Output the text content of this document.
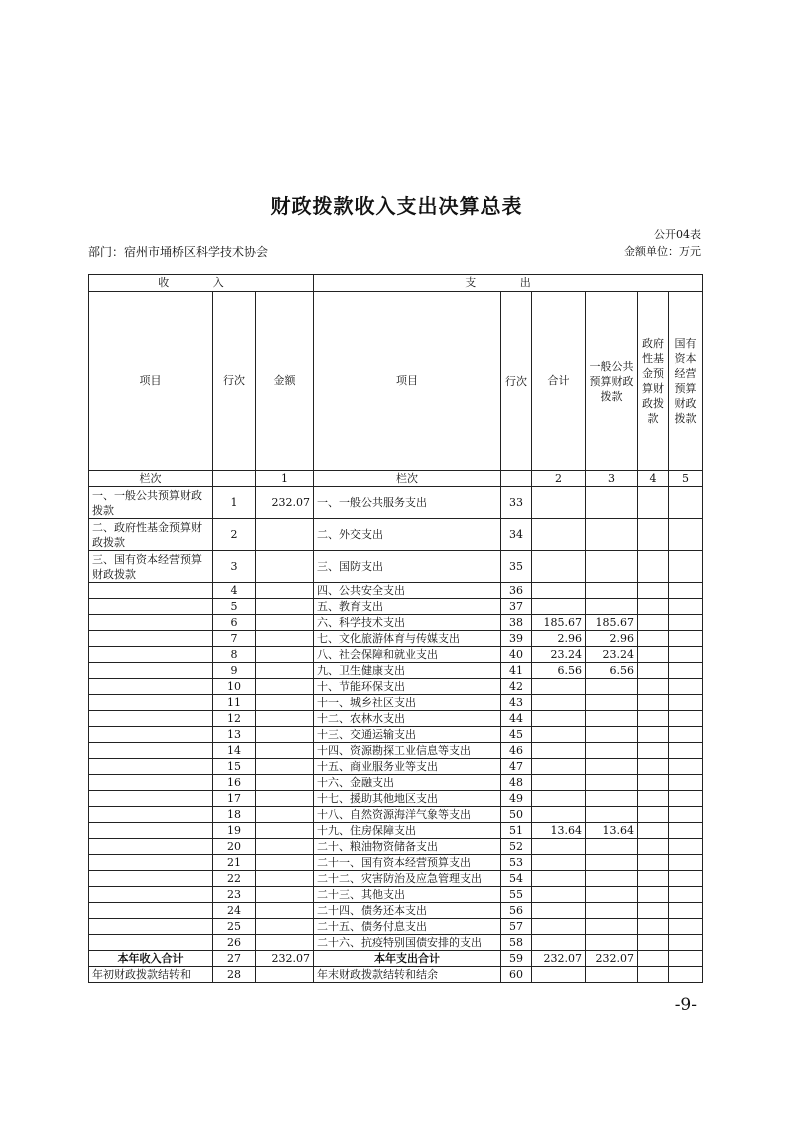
财政拨款收入支出决算总表
公开04表
部门：宿州市埇桥区科学技术协会	金额单位：万元
收 入			支 出					
项目	行次	金额	项目	行次	合计	一般公共预算财政拨款	政府性基金预算财政拨款	国有资本经营预算财政拨款
栏次		1	栏次		2	3	4	5
一、一般公共预算财政拨款	1	232.07	一、一般公共服务支出	33				
二、政府性基金预算财政拨款	2		二、外交支出	34				
三、国有资本经营预算财政拨款	3		三、国防支出	35				
	4		四、公共安全支出	36				
	5		五、教育支出	37				
	6		六、科学技术支出	38	185.67	185.67		
	7		七、文化旅游体育与传媒支出	39	2.96	2.96		
	8		八、社会保障和就业支出	40	23.24	23.24		
	9		九、卫生健康支出	41	6.56	6.56		
	10		十、节能环保支出	42				
	11		十一、城乡社区支出	43				
	12		十二、农林水支出	44				
	13		十三、交通运输支出	45				
	14		十四、资源勘探工业信息等支出	46				
	15		十五、商业服务业等支出	47				
	16		十六、金融支出	48				
	17		十七、援助其他地区支出	49				
	18		十八、自然资源海洋气象等支出	50				
	19		十九、住房保障支出	51	13.64	13.64		
	20		二十、粮油物资储备支出	52				
	21		二十一、国有资本经营预算支出	53				
	22		二十二、灾害防治及应急管理支出	54				
	23		二十三、其他支出	55				
	24		二十四、债务还本支出	56				
	25		二十五、债务付息支出	57				
	26		二十六、抗疫特别国债安排的支出	58				
本年收入合计	27	232.07	本年支出合计	59	232.07	232.07		
年初财政拨款结转和	28		年末财政拨款结转和结余	60				
-9-
